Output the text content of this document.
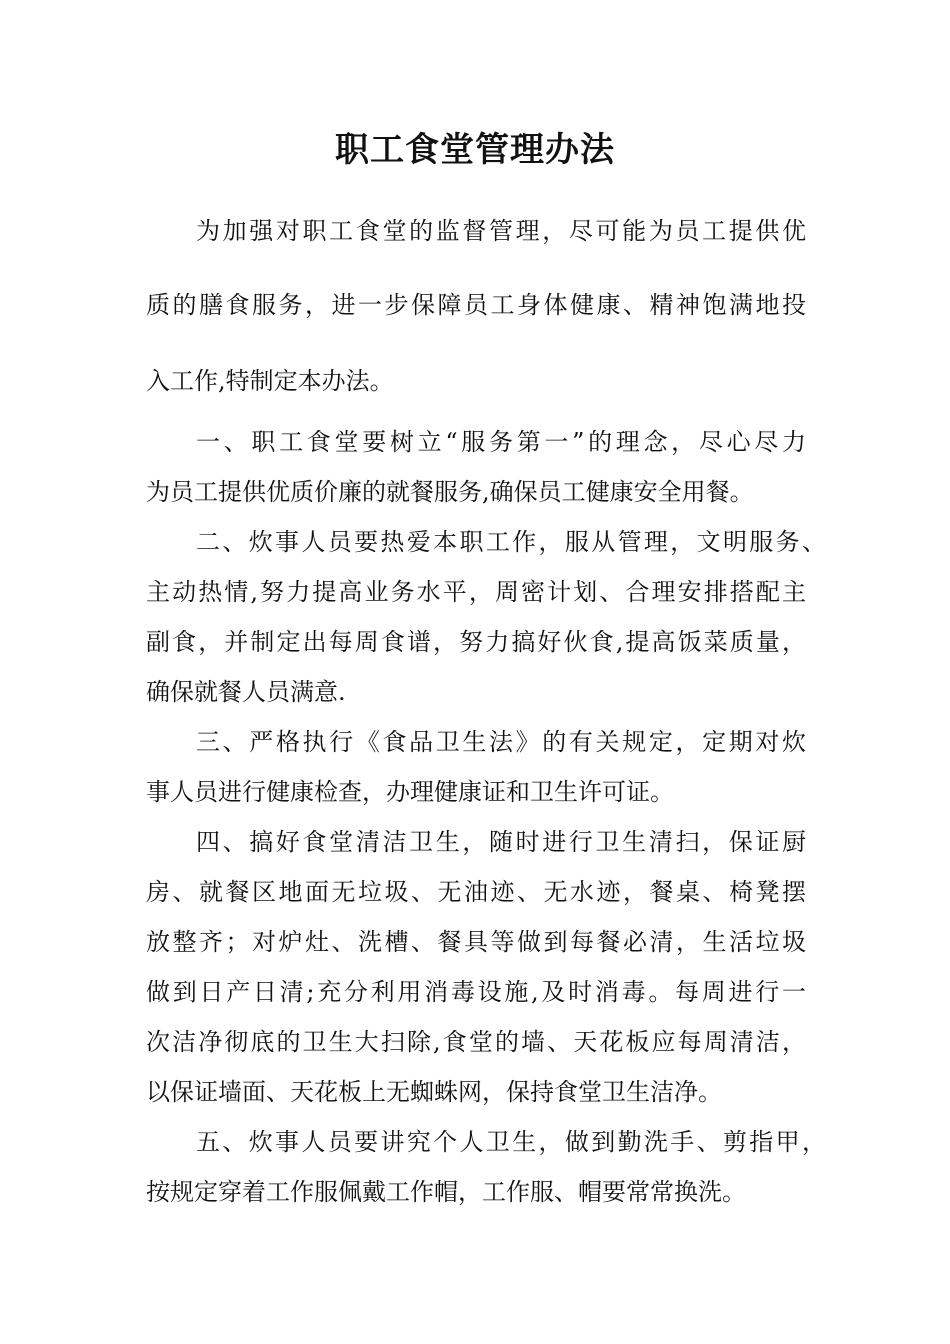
职工食堂管理办法
为加强对职工食堂的监督管理，尽可能为员工提供优
质的膳食服务，进一步保障员工身体健康、精神饱满地投
入工作,特制定本办法。
一、职工食堂要树立“服务第一”的理念，尽心尽力
为员工提供优质价廉的就餐服务,确保员工健康安全用餐。
二、炊事人员要热爱本职工作，服从管理，文明服务、
主动热情,努力提高业务水平，周密计划、合理安排搭配主
副食，并制定出每周食谱，努力搞好伙食,提高饭菜质量，
确保就餐人员满意.
三、严格执行《食品卫生法》的有关规定，定期对炊
事人员进行健康检查，办理健康证和卫生许可证。
四、搞好食堂清洁卫生，随时进行卫生清扫，保证厨
房、就餐区地面无垃圾、无油迹、无水迹，餐桌、椅凳摆
放整齐；对炉灶、洗槽、餐具等做到每餐必清，生活垃圾
做到日产日清;充分利用消毒设施,及时消毒。每周进行一
次洁净彻底的卫生大扫除,食堂的墙、天花板应每周清洁，
以保证墙面、天花板上无蜘蛛网，保持食堂卫生洁净。
五、炊事人员要讲究个人卫生，做到勤洗手、剪指甲，
按规定穿着工作服佩戴工作帽，工作服、帽要常常换洗。
